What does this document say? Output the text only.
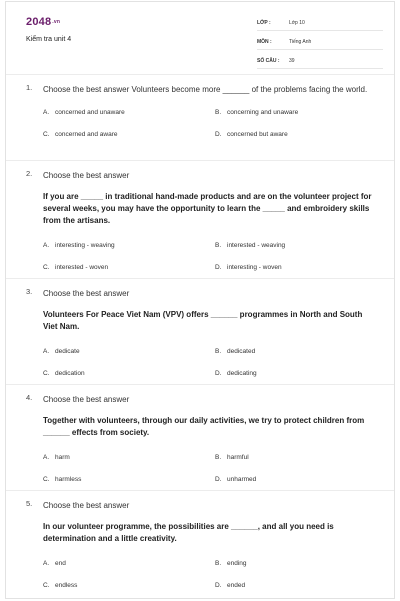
2048.vn
Kiểm tra unit 4
LỚP :	Lớp 10
MÔN :	Tiếng Anh
SỐ CÂU :	39
1.	Choose the best answer Volunteers become more ______ of the problems facing the world.
A. concerned and unaware	B. concerning and unaware
C. concerned and aware	D. concerned but aware
2.	Choose the best answer
If you are _____ in traditional hand-made products and are on the volunteer project for several weeks, you may have the opportunity to learn the _____ and embroidery skills from the artisans.
A. interesting - weaving	B. interested - weaving
C. interested - woven	D. interesting - woven
3.	Choose the best answer
Volunteers For Peace Viet Nam (VPV) offers ______ programmes in North and South Viet Nam.
A. dedicate	B. dedicated
C. dedication	D. dedicating
4.	Choose the best answer
Together with volunteers, through our daily activities, we try to protect children from ______ effects from society.
A. harm	B. harmful
C. harmless	D. unharmed
5.	Choose the best answer
In our volunteer programme, the possibilities are ______, and all you need is determination and a little creativity.
A. end	B. ending
C. endless	D. ended
